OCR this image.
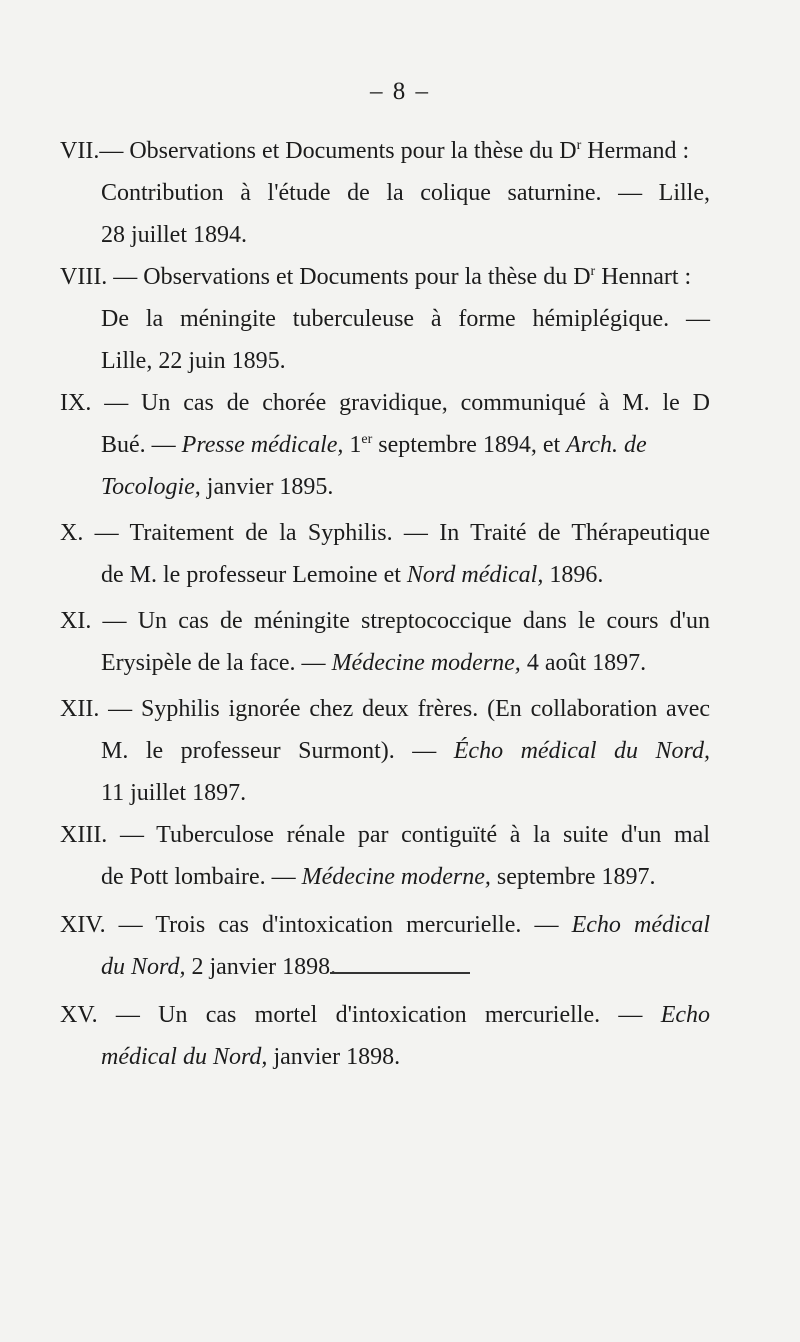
– 8 –
VII.— Observations et Documents pour la thèse du $D^r$ Hermand :
Contribution à l'étude de la colique saturnine. — Lille,
28 juillet 1894.
VIII. — Observations et Documents pour la thèse du $D^r$ Hennart :
De la méningite tuberculeuse à forme hémiplégique. —
Lille, 22 juin 1895.
IX. — Un cas de chorée gravidique, communiqué à M. le D
Bué. — Presse médicale, 1er septembre 1894, et Arch. de
Tocologie, janvier 1895.
X. — Traitement de la Syphilis. — In Traité de Thérapeutique
de M. le professeur Lemoine et Nord médical, 1896.
XI. — Un cas de méningite streptococcique dans le cours d'un
Erysipèle de la face. — Médecine moderne, 4 août 1897.
XII. — Syphilis ignorée chez deux frères. (En collaboration avec
M. le professeur Surmont). — Écho médical du Nord,
11 juillet 1897.
XIII. — Tuberculose rénale par contiguïté à la suite d'un mal
de Pott lombaire. — Médecine moderne, septembre 1897.
XIV. — Trois cas d'intoxication mercurielle. — Echo médical
du Nord, 2 janvier 1898.
XV. — Un cas mortel d'intoxication mercurielle. — Echo
médical du Nord, janvier 1898.
